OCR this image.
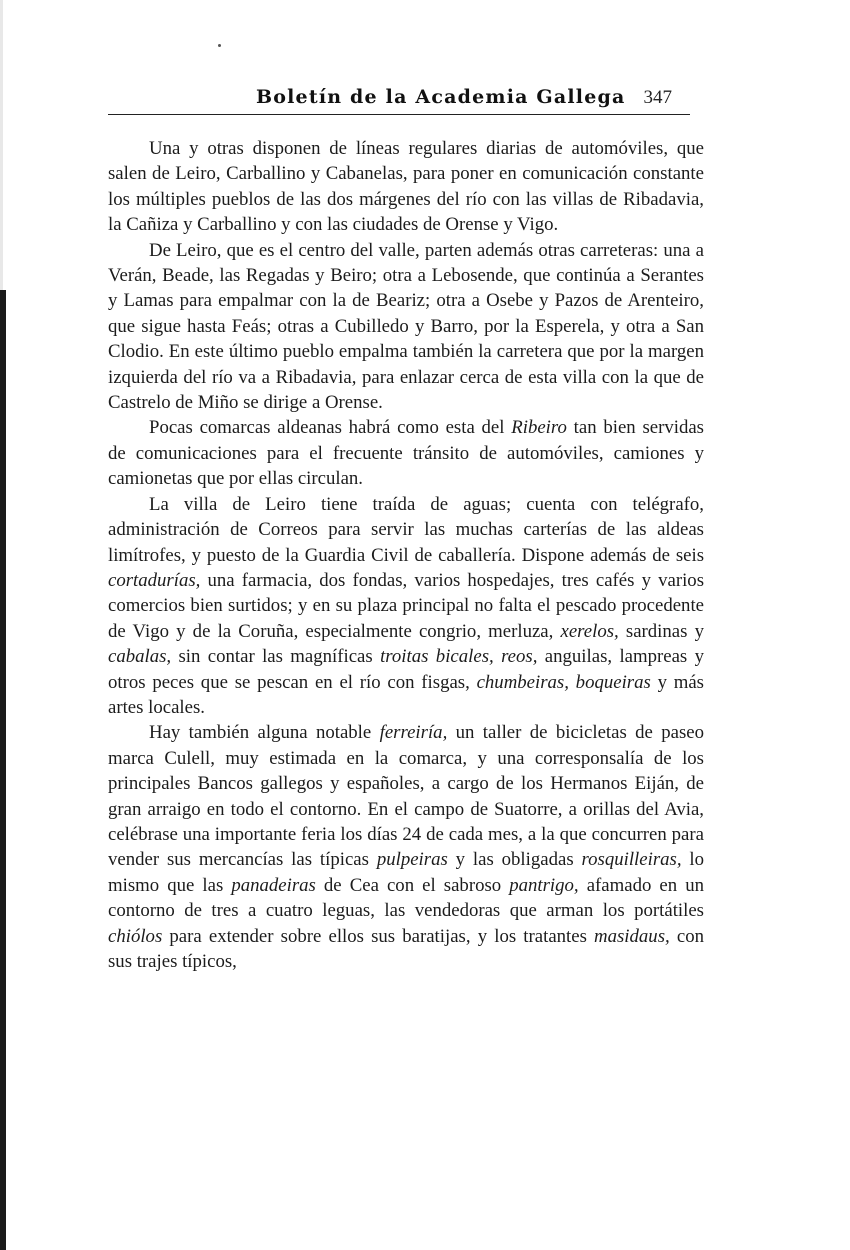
Boletín de la Academia Gallega 347

Una y otras disponen de líneas regulares diarias de automóviles, que salen de Leiro, Carballino y Cabanelas, para poner en comunicación constante los múltiples pueblos de las dos márgenes del río con las villas de Ribadavia, la Cañiza y Carballino y con las ciudades de Orense y Vigo.

De Leiro, que es el centro del valle, parten además otras carreteras: una a Verán, Beade, las Regadas y Beiro; otra a Lebosende, que continúa a Serantes y Lamas para empalmar con la de Beariz; otra a Osebe y Pazos de Arenteiro, que sigue hasta Feás; otras a Cubilledo y Barro, por la Esperela, y otra a San Clodio. En este último pueblo empalma también la carretera que por la margen izquierda del río va a Ribadavia, para enlazar cerca de esta villa con la que de Castrelo de Miño se dirige a Orense.

Pocas comarcas aldeanas habrá como esta del Ribeiro tan bien servidas de comunicaciones para el frecuente tránsito de automóviles, camiones y camionetas que por ellas circulan.

La villa de Leiro tiene traída de aguas; cuenta con telégrafo, administración de Correos para servir las muchas carterías de las aldeas limítrofes, y puesto de la Guardia Civil de caballería. Dispone además de seis cortadurías, una farmacia, dos fondas, varios hospedajes, tres cafés y varios comercios bien surtidos; y en su plaza principal no falta el pescado procedente de Vigo y de la Coruña, especialmente congrio, merluza, xerelos, sardinas y cabalas, sin contar las magníficas troitas bicales, reos, anguilas, lampreas y otros peces que se pescan en el río con fisgas, chumbeiras, boqueiras y más artes locales.

Hay también alguna notable ferreiría, un taller de bicicletas de paseo marca Culell, muy estimada en la comarca, y una corresponsalía de los principales Bancos gallegos y españoles, a cargo de los Hermanos Eiján, de gran arraigo en todo el contorno. En el campo de Suatorre, a orillas del Avia, celébrase una importante feria los días 24 de cada mes, a la que concurren para vender sus mercancías las típicas pulpeiras y las obligadas rosquilleiras, lo mismo que las panadeiras de Cea con el sabroso pantrigo, afamado en un contorno de tres a cuatro leguas, las vendedoras que arman los portátiles chiólos para extender sobre ellos sus baratijas, y los tratantes masidaus, con sus trajes típicos,
